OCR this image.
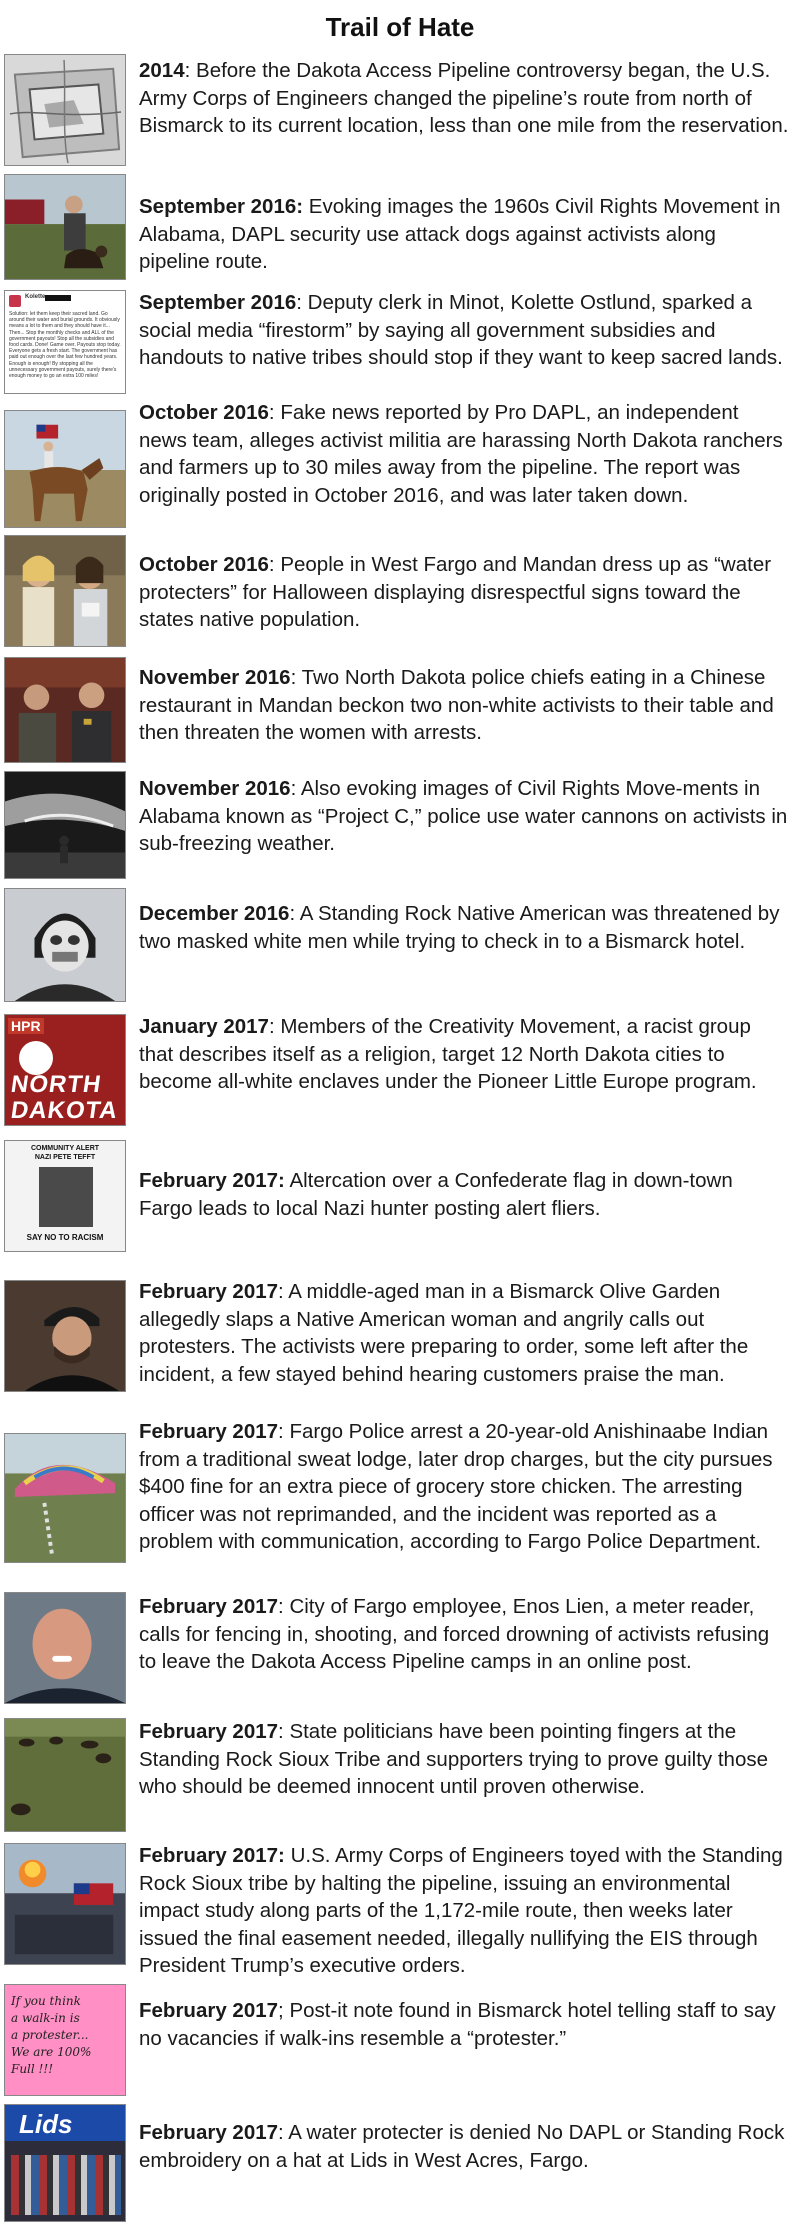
Trail of Hate
2014: Before the Dakota Access Pipeline controversy began, the U.S. Army Corps of Engineers changed the pipeline’s route from north of Bismarck to its current location, less than one mile from the reservation.
September 2016: Evoking images the 1960s Civil Rights Movement in Alabama, DAPL security use attack dogs against activists along pipeline route.
Kolette
Solution: let them keep their sacred land. Go around their water and burial grounds. It obviously means a lot to them and they should have it... Then... Stop the monthly checks and ALL of the government payouts! Stop all the subsidies and food cards. Done! Game over. Payouts stop today. Everyone gets a fresh start. The government has paid out enough over the last few hundred years. Enough is enough! By stopping all the unnecessary government payouts, surely there's enough money to go an extra 100 miles!
September 2016: Deputy clerk in Minot, Kolette Ostlund, sparked a social media “firestorm” by saying all government subsidies and handouts to native tribes should stop if they want to keep sacred lands.
October 2016: Fake news reported by Pro DAPL, an independent news team, alleges activist militia are harassing North Dakota ranchers and farmers up to 30 miles away from the pipeline. The report was originally posted in October 2016, and was later taken down.
October 2016: People in West Fargo and Mandan dress up as “water protecters” for Halloween displaying disrespectful signs toward the states native population.
November 2016: Two North Dakota police chiefs eating in a Chinese restaurant in Mandan beckon two non-white activists to their table and then threaten the women with arrests.
November 2016: Also evoking images of Civil Rights Move-ments in Alabama known as “Project C,” police use water cannons on activists in sub-freezing weather.
December 2016: A Standing Rock Native American was threatened by two masked white men while trying to check in to a Bismarck hotel.
HPR
NORTH
DAKOTA
January 2017: Members of the Creativity Movement, a racist group that describes itself as a religion, target 12 North Dakota cities to become all-white enclaves under the Pioneer Little Europe program.
COMMUNITY ALERT
NAZI PETE TEFFT
SAY NO TO RACISM
February 2017: Altercation over a Confederate flag in down-town Fargo leads to local Nazi hunter posting alert fliers.
February 2017: A middle-aged man in a Bismarck Olive Garden allegedly slaps a Native American woman and angrily calls out protesters. The activists were preparing to order, some left after the incident, a few stayed behind hearing customers praise the man.
February 2017: Fargo Police arrest a 20-year-old Anishinaabe Indian from a traditional sweat lodge, later drop charges, but the city pursues $400 fine for an extra piece of grocery store chicken. The arresting officer was not reprimanded, and the incident was reported as a problem with communication, according to Fargo Police Department.
February 2017: City of Fargo employee, Enos Lien, a meter reader, calls for fencing in, shooting, and forced drowning of activists refusing to leave the Dakota Access Pipeline camps in an online post.
February 2017: State politicians have been pointing fingers at the Standing Rock Sioux Tribe and supporters trying to prove guilty those who should be deemed innocent until proven otherwise.
February 2017: U.S. Army Corps of Engineers toyed with the Standing Rock Sioux tribe by halting the pipeline, issuing an environmental impact study along parts of the 1,172-mile route, then weeks later issued the final easement needed, illegally nullifying the EIS through President Trump’s executive orders.
If you think
a walk-in is
a protester...
We are 100%
Full !!!
February 2017; Post-it note found in Bismarck hotel telling staff to say no vacancies if walk-ins resemble a “protester.”
Lids	February 2017: A water protecter is denied No DAPL or Standing Rock embroidery on a hat at Lids in West Acres, Fargo.
